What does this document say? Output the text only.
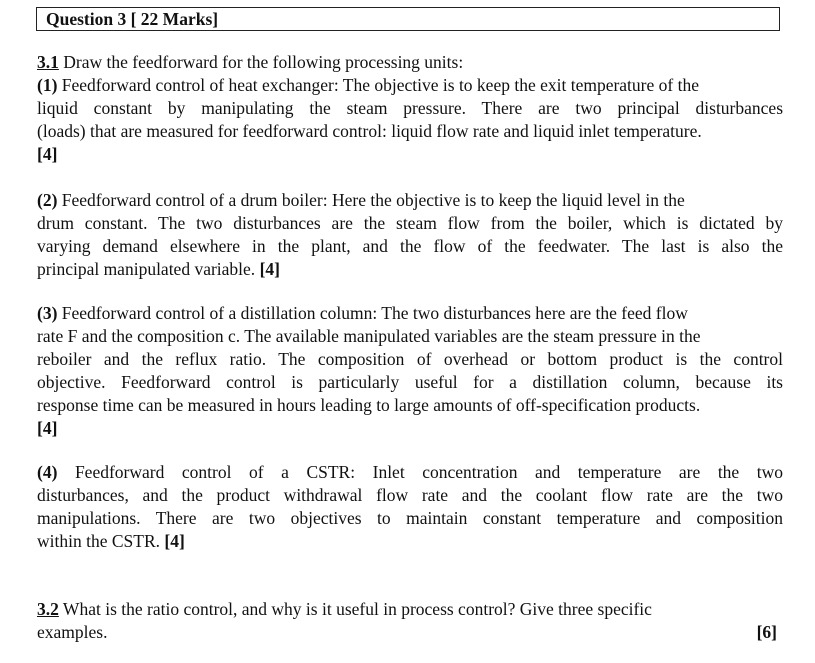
Question 3 [ 22 Marks]
3.1 Draw the feedforward for the following processing units:
(1) Feedforward control of heat exchanger: The objective is to keep the exit temperature of the
liquid constant by manipulating the steam pressure. There are two principal disturbances
(loads) that are measured for feedforward control: liquid flow rate and liquid inlet temperature.
[4]
(2) Feedforward control of a drum boiler: Here the objective is to keep the liquid level in the
drum constant. The two disturbances are the steam flow from the boiler, which is dictated by
varying demand elsewhere in the plant, and the flow of the feedwater. The last is also the
principal manipulated variable. [4]
(3) Feedforward control of a distillation column: The two disturbances here are the feed flow
rate F and the composition c. The available manipulated variables are the steam pressure in the
reboiler and the reflux ratio. The composition of overhead or bottom product is the control
objective. Feedforward control is particularly useful for a distillation column, because its
response time can be measured in hours leading to large amounts of off-specification products.
[4]
(4) Feedforward control of a CSTR: Inlet concentration and temperature are the two
disturbances, and the product withdrawal flow rate and the coolant flow rate are the two
manipulations. There are two objectives to maintain constant temperature and composition
within the CSTR. [4]
3.2 What is the ratio control, and why is it useful in process control? Give three specific
examples.	[6]
